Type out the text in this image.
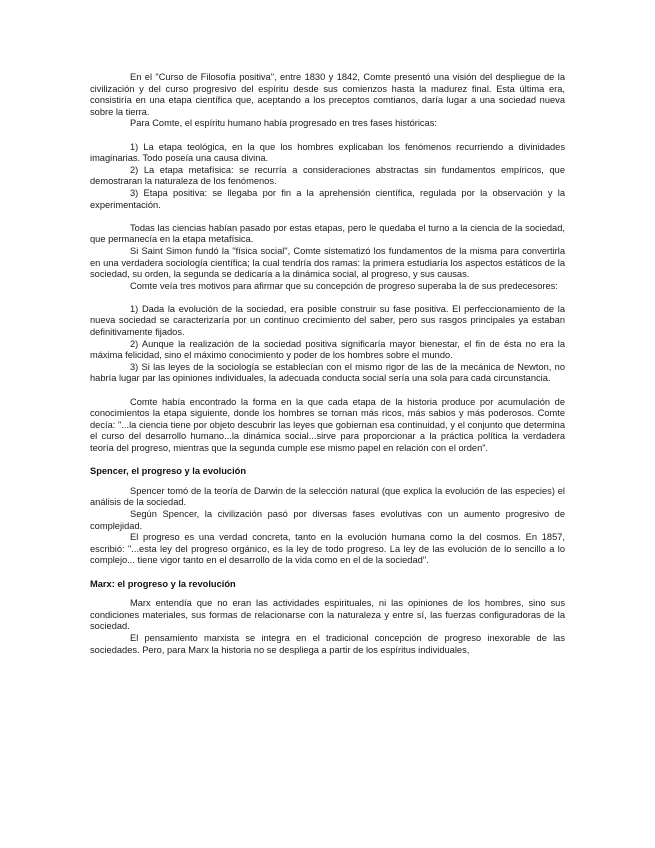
En el "Curso de Filosofía positiva", entre 1830 y 1842, Comte presentó una visión del despliegue de la civilización y del curso progresivo del espíritu desde sus comienzos hasta la madurez final. Esta última era, consistiría en una etapa científica que, aceptando a los preceptos comtianos, daría lugar a una sociedad nueva sobre la tierra.

Para Comte, el espíritu humano había progresado en tres fases históricas:

1) La etapa teológica, en la que los hombres explicaban los fenómenos recurriendo a divinidades imaginarias. Todo poseía una causa divina.

2) La etapa metafísica: se recurría a consideraciones abstractas sin fundamentos empíricos, que demostraran la naturaleza de los fenómenos.

3) Etapa positiva: se llegaba por fin a la aprehensión científica, regulada por la observación y la experimentación.

Todas las ciencias habían pasado por estas etapas, pero le quedaba el turno a la ciencia de la sociedad, que permanecía en la etapa metafísica.

Si Saint Simon fundó la "física social", Comte sistematizó los fundamentos de la misma para convertirla en una verdadera sociología científica; la cual tendría dos ramas: la primera estudiaría los aspectos estáticos de la sociedad, su orden, la segunda se dedicaría a la dinámica social, al progreso, y sus causas.

Comte veía tres motivos para afirmar que su concepción de progreso superaba la de sus predecesores:

1) Dada la evolución de la sociedad, era posible construir su fase positiva. El perfeccionamiento de la nueva sociedad se caracterizaría por un continuo crecimiento del saber, pero sus rasgos principales ya estaban definitivamente fijados.

2) Aunque la realización de la sociedad positiva significaría mayor bienestar, el fin de ésta no era la máxima felicidad, sino el máximo conocimiento y poder de los hombres sobre el mundo.

3) Si las leyes de la sociología se establecían con el mismo rigor de las de la mecánica de Newton, no habría lugar par las opiniones individuales, la adecuada conducta social sería una sola para cada circunstancia.

Comte había encontrado la forma en la que cada etapa de la historia produce por acumulación de conocimientos la etapa siguiente, donde los hombres se tornan más ricos, más sabios y más poderosos. Comte decía: "...la ciencia tiene por objeto descubrir las leyes que gobiernan esa continuidad, y el conjunto que determina el curso del desarrollo humano...la dinámica social...sirve para proporcionar a la práctica política la verdadera teoría del progreso, mientras que la segunda cumple ese mismo papel en relación con el orden".

Spencer, el progreso y la evolución

Spencer tomó de la teoría de Darwin de la selección natural (que explica la evolución de las especies) el análisis de la sociedad.

Según Spencer, la civilización pasó por diversas fases evolutivas con un aumento progresivo de complejidad.

El progreso es una verdad concreta, tanto en la evolución humana como la del cosmos. En 1857, escribió: "...esta ley del progreso orgánico, es la ley de todo progreso. La ley de las evolución de lo sencillo a lo complejo... tiene vigor tanto en el desarrollo de la vida como en el de la sociedad".

Marx: el progreso y la revolución

Marx entendía que no eran las actividades espirituales, ni las opiniones de los hombres, sino sus condiciones materiales, sus formas de relacionarse con la naturaleza y entre sí, las fuerzas configuradoras de la sociedad.

El pensamiento marxista se integra en el tradicional concepción de progreso inexorable de las sociedades. Pero, para Marx la historia no se despliega a partir de los espíritus individuales,
